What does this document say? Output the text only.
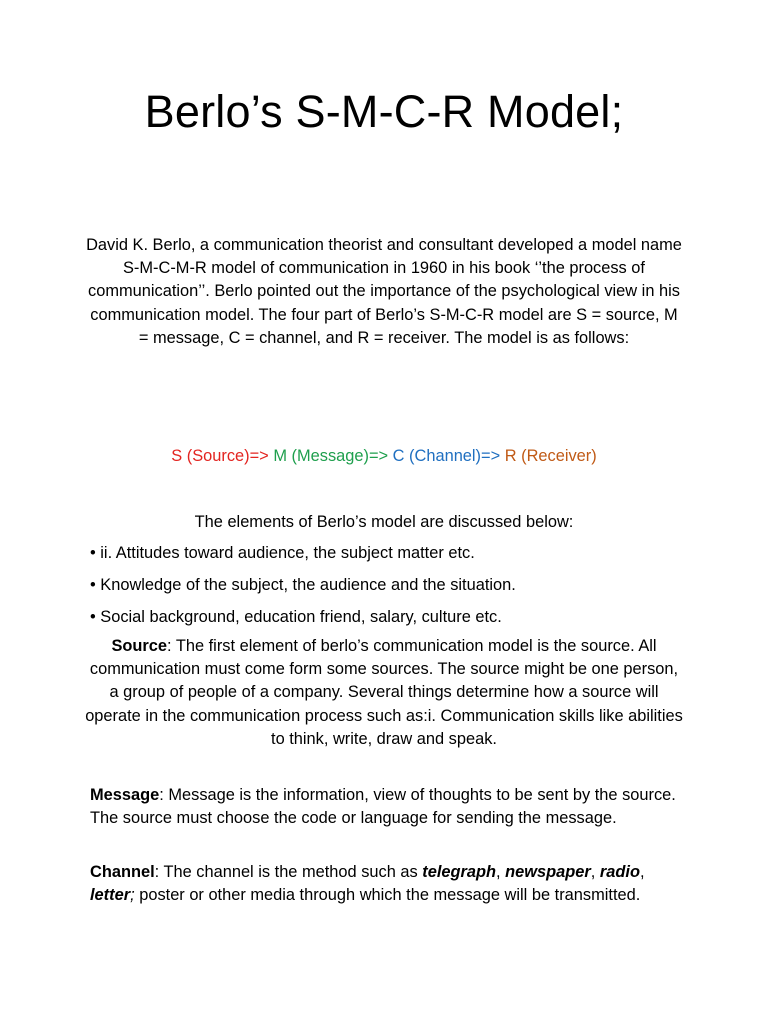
Berlo’s S-M-C-R Model;

David K. Berlo, a communication theorist and consultant developed a model name S-M-C-M-R model of communication in 1960 in his book ‘’the process of communication’’. Berlo pointed out the importance of the psychological view in his communication model. The four part of Berlo’s S-M-C-R model are S = source, M = message, C = channel, and R = receiver. The model is as follows:

S (Source)=> M (Message)=> C (Channel)=> R (Receiver)

The elements of Berlo’s model are discussed below:

• ii. Attitudes toward audience, the subject matter etc.
• Knowledge of the subject, the audience and the situation.
• Social background, education friend, salary, culture etc.

Source: The first element of berlo’s communication model is the source. All communication must come form some sources. The source might be one person, a group of people of a company. Several things determine how a source will operate in the communication process such as:i. Communication skills like abilities to think, write, draw and speak.

Message: Message is the information, view of thoughts to be sent by the source. The source must choose the code or language for sending the message.

Channel: The channel is the method such as telegraph, newspaper, radio, letter; poster or other media through which the message will be transmitted.
